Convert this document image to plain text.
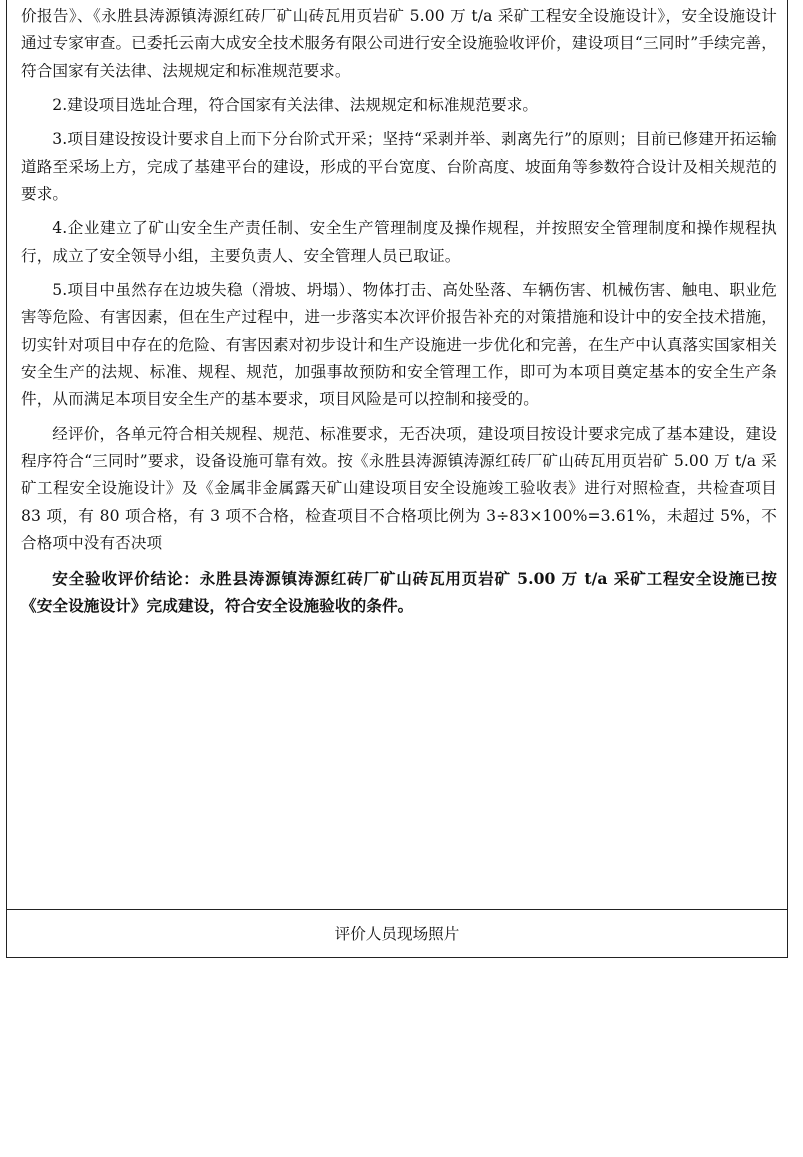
价报告》、《永胜县涛源镇涛源红砖厂矿山砖瓦用页岩矿 5.00 万 t/a 采矿工程安全设施设计》，安全设施设计通过专家审查。已委托云南大成安全技术服务有限公司进行安全设施验收评价，建设项目“三同时”手续完善，符合国家有关法律、法规规定和标准规范要求。

2.建设项目选址合理，符合国家有关法律、法规规定和标准规范要求。

3.项目建设按设计要求自上而下分台阶式开采；坚持“采剥并举、剥离先行”的原则；目前已修建开拓运输道路至采场上方，完成了基建平台的建设，形成的平台宽度、台阶高度、坡面角等参数符合设计及相关规范的要求。

4.企业建立了矿山安全生产责任制、安全生产管理制度及操作规程，并按照安全管理制度和操作规程执行，成立了安全领导小组，主要负责人、安全管理人员已取证。

5.项目中虽然存在边坡失稳（滑坡、坍塌）、物体打击、高处坠落、车辆伤害、机械伤害、触电、职业危害等危险、有害因素，但在生产过程中，进一步落实本次评价报告补充的对策措施和设计中的安全技术措施，切实针对项目中存在的危险、有害因素对初步设计和生产设施进一步优化和完善，在生产中认真落实国家相关安全生产的法规、标准、规程、规范，加强事故预防和安全管理工作，即可为本项目奠定基本的安全生产条件，从而满足本项目安全生产的基本要求，项目风险是可以控制和接受的。

经评价，各单元符合相关规程、规范、标准要求，无否决项，建设项目按设计要求完成了基本建设，建设程序符合“三同时”要求，设备设施可靠有效。按《永胜县涛源镇涛源红砖厂矿山砖瓦用页岩矿 5.00 万 t/a 采矿工程安全设施设计》及《金属非金属露天矿山建设项目安全设施竣工验收表》进行对照检查，共检查项目 83 项，有 80 项合格，有 3 项不合格，检查项目不合格项比例为 3÷83×100%=3.61%，未超过 5%，不合格项中没有否决项

安全验收评价结论：永胜县涛源镇涛源红砖厂矿山砖瓦用页岩矿 5.00 万 t/a 采矿工程安全设施已按《安全设施设计》完成建设，符合安全设施验收的条件。

评价人员现场照片
